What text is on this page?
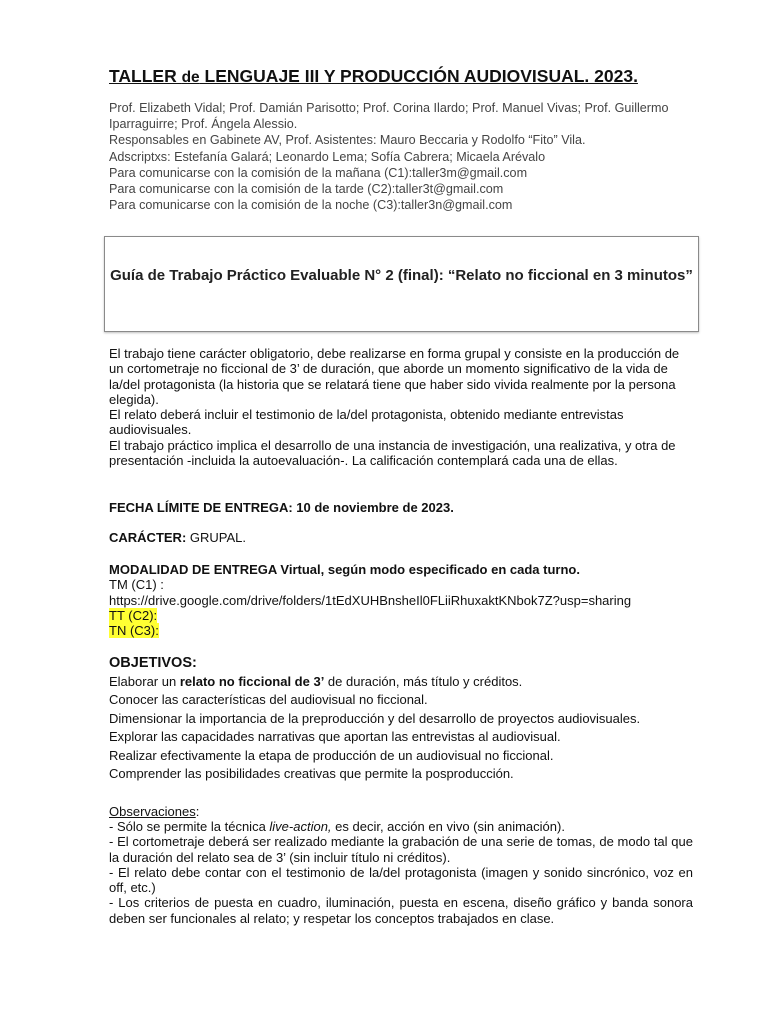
TALLER de LENGUAJE III Y PRODUCCIÓN AUDIOVISUAL. 2023.

Prof. Elizabeth Vidal; Prof. Damián Parisotto; Prof. Corina Ilardo; Prof. Manuel Vivas; Prof. Guillermo Iparraguirre; Prof. Ángela Alessio.

Responsables en Gabinete AV, Prof. Asistentes: Mauro Beccaria y Rodolfo “Fito” Vila.

Adscriptxs: Estefanía Galará; Leonardo Lema; Sofía Cabrera; Micaela Arévalo

Para comunicarse con la comisión de la mañana (C1):taller3m@gmail.com

Para comunicarse con la comisión de la tarde (C2):taller3t@gmail.com

Para comunicarse con la comisión de la noche (C3):taller3n@gmail.com

Guía de Trabajo Práctico Evaluable N° 2 (final): “Relato no ficcional en 3 minutos”

El trabajo tiene carácter obligatorio, debe realizarse en forma grupal y consiste en la producción de un cortometraje no ficcional de 3’ de duración, que aborde un momento significativo de la vida de la/del protagonista (la historia que se relatará tiene que haber sido vivida realmente por la persona elegida).

El relato deberá incluir el testimonio de la/del protagonista, obtenido mediante entrevistas audiovisuales.

El trabajo práctico implica el desarrollo de una instancia de investigación, una realizativa, y otra de presentación -incluida la autoevaluación-. La calificación contemplará cada una de ellas.

FECHA LÍMITE DE ENTREGA: 10 de noviembre de 2023.

CARÁCTER: GRUPAL.

MODALIDAD DE ENTREGA Virtual, según modo especificado en cada turno.

TM (C1) :

https://drive.google.com/drive/folders/1tEdXUHBnsheIl0FLiiRhuxaktKNbok7Z?usp=sharing

TT (C2):

TN (C3):

OBJETIVOS:

Elaborar un relato no ficcional de 3’ de duración, más título y créditos.
Conocer las características del audiovisual no ficcional.
Dimensionar la importancia de la preproducción y del desarrollo de proyectos audiovisuales.
Explorar las capacidades narrativas que aportan las entrevistas al audiovisual.
Realizar efectivamente la etapa de producción de un audiovisual no ficcional.
Comprender las posibilidades creativas que permite la posproducción.

Observaciones:

- Sólo se permite la técnica live-action, es decir, acción en vivo (sin animación).
- El cortometraje deberá ser realizado mediante la grabación de una serie de tomas, de modo tal que la duración del relato sea de 3’ (sin incluir título ni créditos).
- El relato debe contar con el testimonio de la/del protagonista (imagen y sonido sincrónico, voz en off, etc.)
- Los criterios de puesta en cuadro, iluminación, puesta en escena, diseño gráfico y banda sonora deben ser funcionales al relato; y respetar los conceptos trabajados en clase.
